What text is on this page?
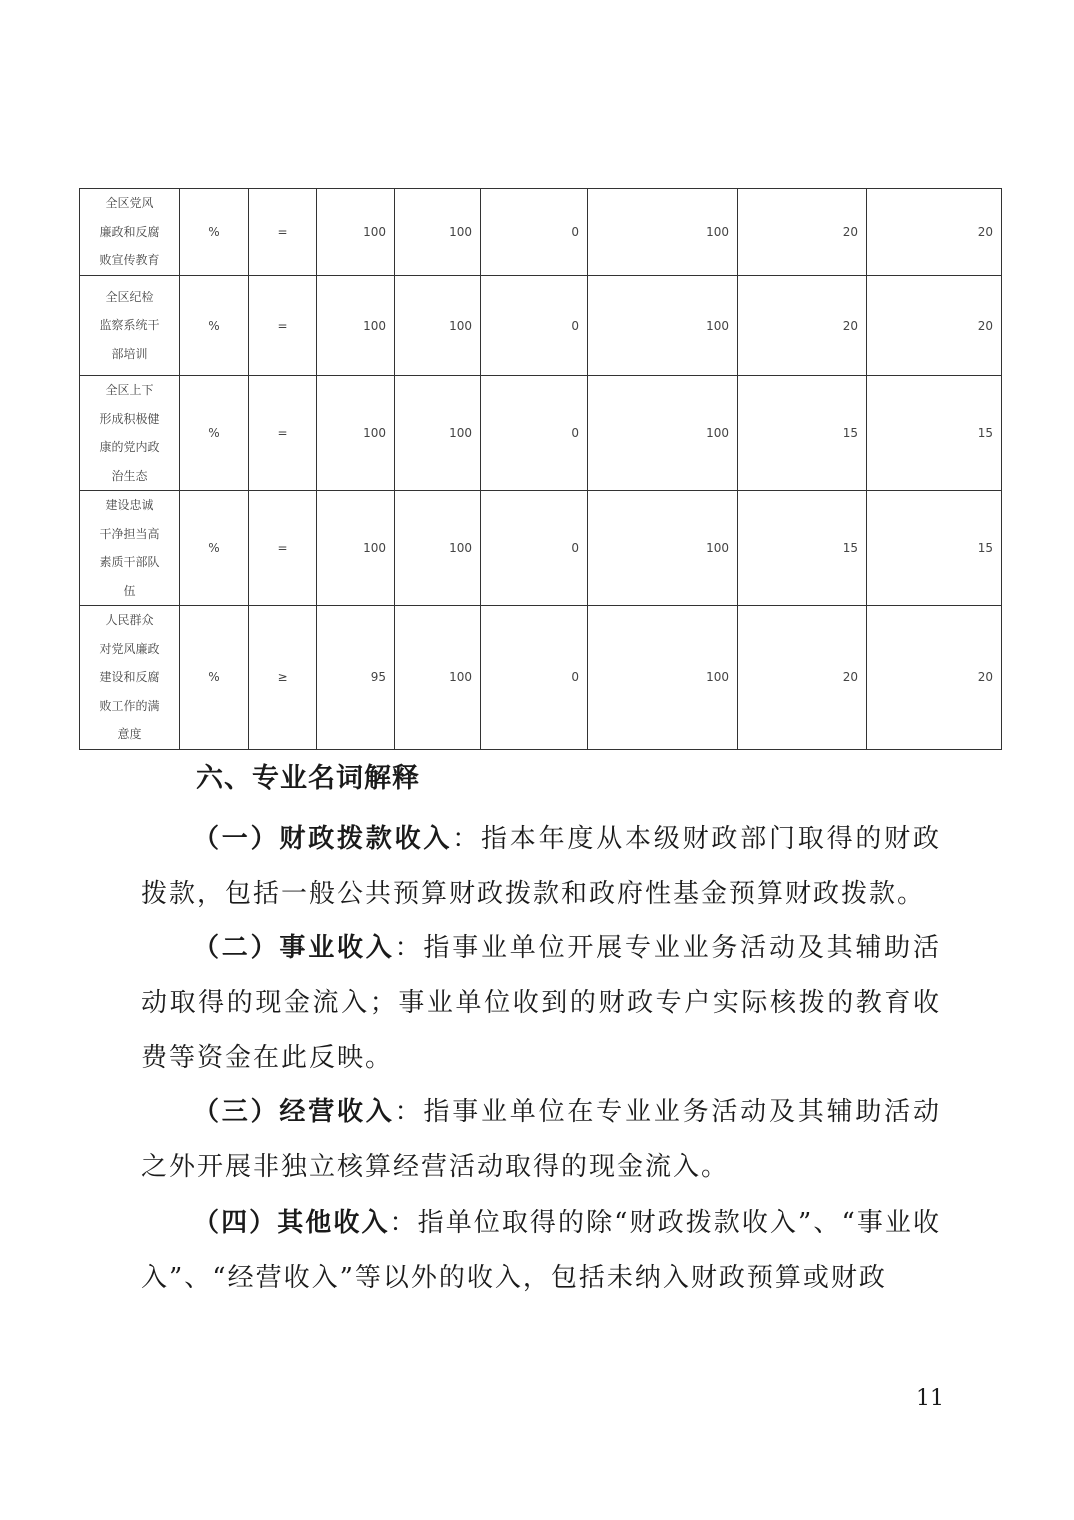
全区党风
廉政和反腐
败宣传教育	%	=	100	100	0	100	20	20

全区纪检
监察系统干
部培训	%	=	100	100	0	100	20	20

全区上下
形成积极健
康的党内政
治生态	%	=	100	100	0	100	15	15

建设忠诚
干净担当高
素质干部队
伍	%	=	100	100	0	100	15	15

人民群众
对党风廉政
建设和反腐
败工作的满
意度	%	≥	95	100	0	100	20	20

六、专业名词解释

（一）财政拨款收入：指本年度从本级财政部门取得的财政拨款，包括一般公共预算财政拨款和政府性基金预算财政拨款。

（二）事业收入：指事业单位开展专业业务活动及其辅助活动取得的现金流入；事业单位收到的财政专户实际核拨的教育收费等资金在此反映。

（三）经营收入：指事业单位在专业业务活动及其辅助活动之外开展非独立核算经营活动取得的现金流入。

（四）其他收入：指单位取得的除“财政拨款收入”、“事业收入”、“经营收入”等以外的收入，包括未纳入财政预算或财政

11
